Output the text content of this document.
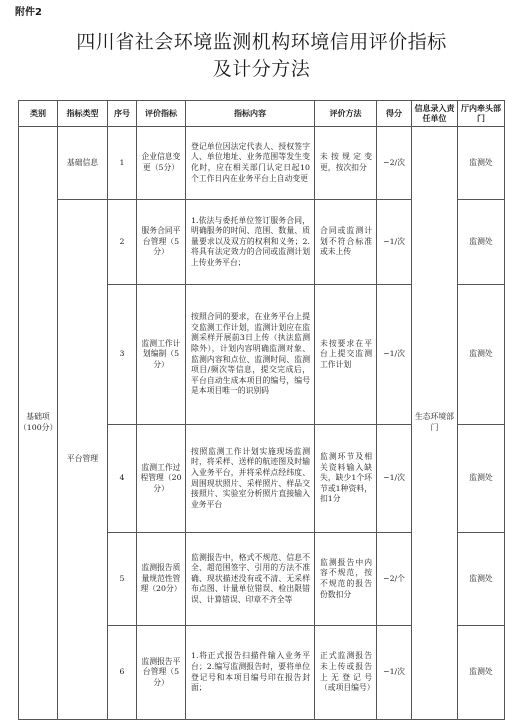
附件2
四川省社会环境监测机构环境信用评价指标
及计分方法
类别	指标类型	序号	评价指标	指标内容	评价方法	得分	信息录入责任单位	厅内牵头部门
基础项（100分）	基础信息	1	企业信息变更（5分）	登记单位因法定代表人、授权签字人、单位地址、业务范围等发生变化时，应在相关部门认定日起10个工作日内在业务平台上自动变更	未按规定变更，按次扣分	−2/次	生态环境部门	监测处
	平台管理	2	服务合同平台管理（5分）	1.依法与委托单位签订服务合同，明确服务的时间、范围、数量、质量要求以及双方的权利和义务；2.将具有法定效力的合同或监测计划上传业务平台；	合同或监测计划不符合标准或未上传	−1/次		监测处
		3	监测工作计划编制（5分）	按照合同的要求，在业务平台上提交监测工作计划，监测计划应在监测采样开展前3日上传（执法监测除外），计划内容明确监测对象、监测内容和点位、监测时间、监测项目/频次等信息，提交完成后，平台自动生成本项目的编号，编号是本项目唯一的识别码	未按要求在平台上提交监测工作计划	−1/次		监测处
		4	监测工作过程管理（20分）	按照监测工作计划实施现场监测时，将采样、送样的航迹图及时输入业务平台，并将采样点经纬度、周围现状照片、采样照片、样品交接照片、实验室分析照片直接输入业务平台	监测环节及相关资料输入缺失，缺少1个环节或1种资料，扣1分	−1/次		监测处
		5	监测报告质量规范性管理（20分）	监测报告中，格式不规范、信息不全、超范围签字、引用的方法不准确、现状描述没有或不清、无采样布点图、计量单位错误、检出限错误、计算错误、印章不齐全等	监测报告中内容不规范，按不规范的报告份数扣分	−2/个		监测处
		6	监测报告平台管理（5分）	1.将正式报告扫描件输入业务平台；2.编写监测报告时，要将单位登记号和本项目编号印在报告封面；	正式监测报告未上传或报告上无登记号（或项目编号）	−1/次		监测处
